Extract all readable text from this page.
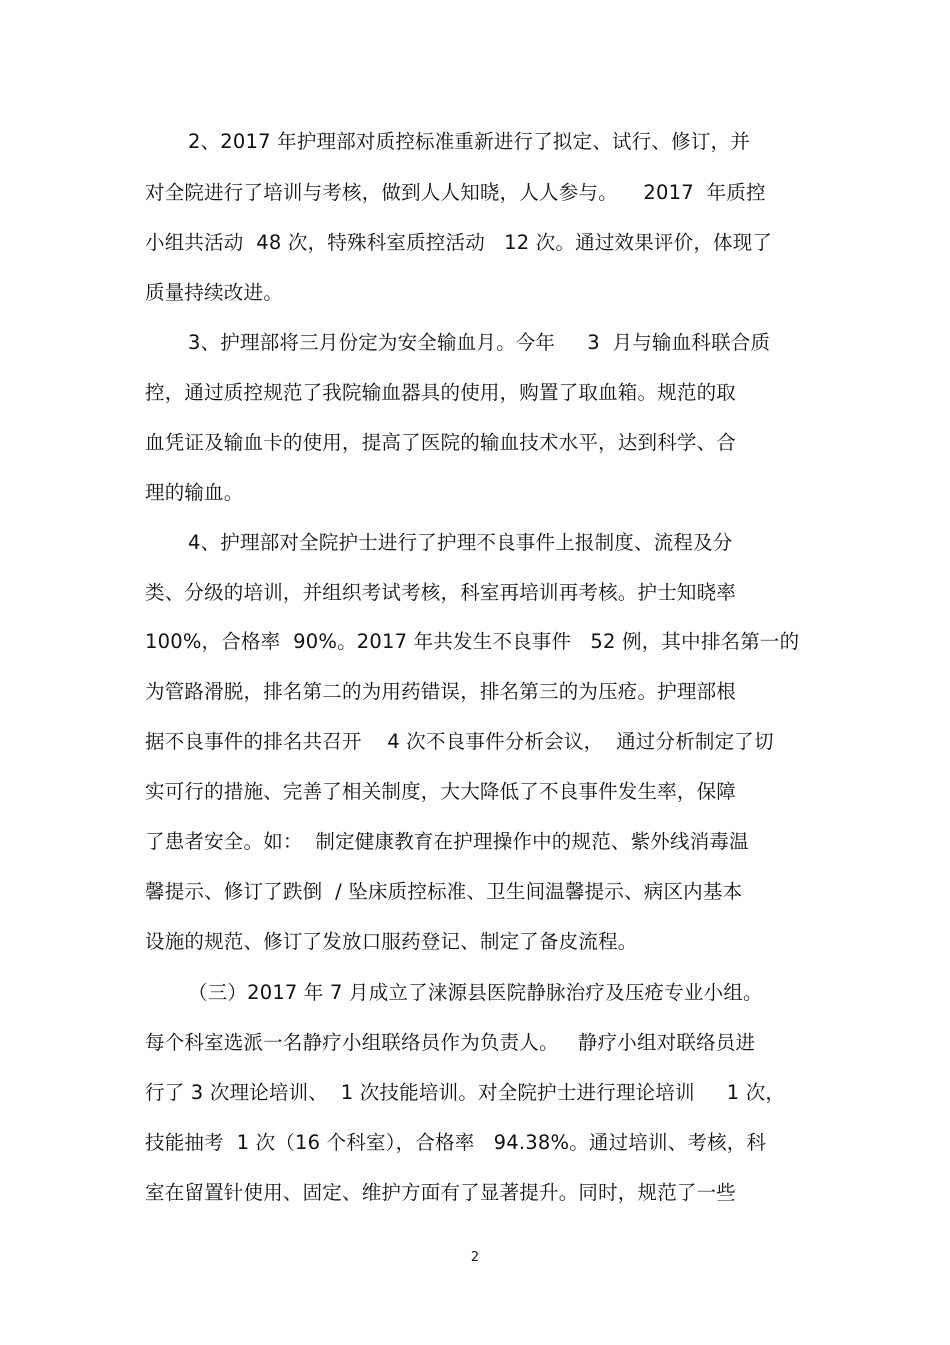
2、2017 年护理部对质控标准重新进行了拟定、试行、修订，并
对全院进行了培训与考核，做到人人知晓，人人参与。    2017  年质控
小组共活动  48 次，特殊科室质控活动   12 次。通过效果评价，体现了
质量持续改进。
3、护理部将三月份定为安全输血月。今年     3  月与输血科联合质
控，通过质控规范了我院输血器具的使用，购置了取血箱。规范的取
血凭证及输血卡的使用，提高了医院的输血技术水平，达到科学、合
理的输血。
4、护理部对全院护士进行了护理不良事件上报制度、流程及分
类、分级的培训，并组织考试考核，科室再培训再考核。护士知晓率
100%，合格率  90%。2017 年共发生不良事件   52 例，其中排名第一的
为管路滑脱，排名第二的为用药错误，排名第三的为压疮。护理部根
据不良事件的排名共召开    4 次不良事件分析会议，  通过分析制定了切
实可行的措施、完善了相关制度，大大降低了不良事件发生率，保障
了患者安全。如：  制定健康教育在护理操作中的规范、紫外线消毒温
馨提示、修订了跌倒  / 坠床质控标准、卫生间温馨提示、病区内基本
设施的规范、修订了发放口服药登记、制定了备皮流程。
（三）2017 年 7 月成立了涞源县医院静脉治疗及压疮专业小组。
每个科室选派一名静疗小组联络员作为负责人。   静疗小组对联络员进
行了 3 次理论培训、  1 次技能培训。对全院护士进行理论培训     1 次，
技能抽考  1 次（16 个科室），合格率   94.38%。通过培训、考核，科
室在留置针使用、固定、维护方面有了显著提升。同时，规范了一些
2
